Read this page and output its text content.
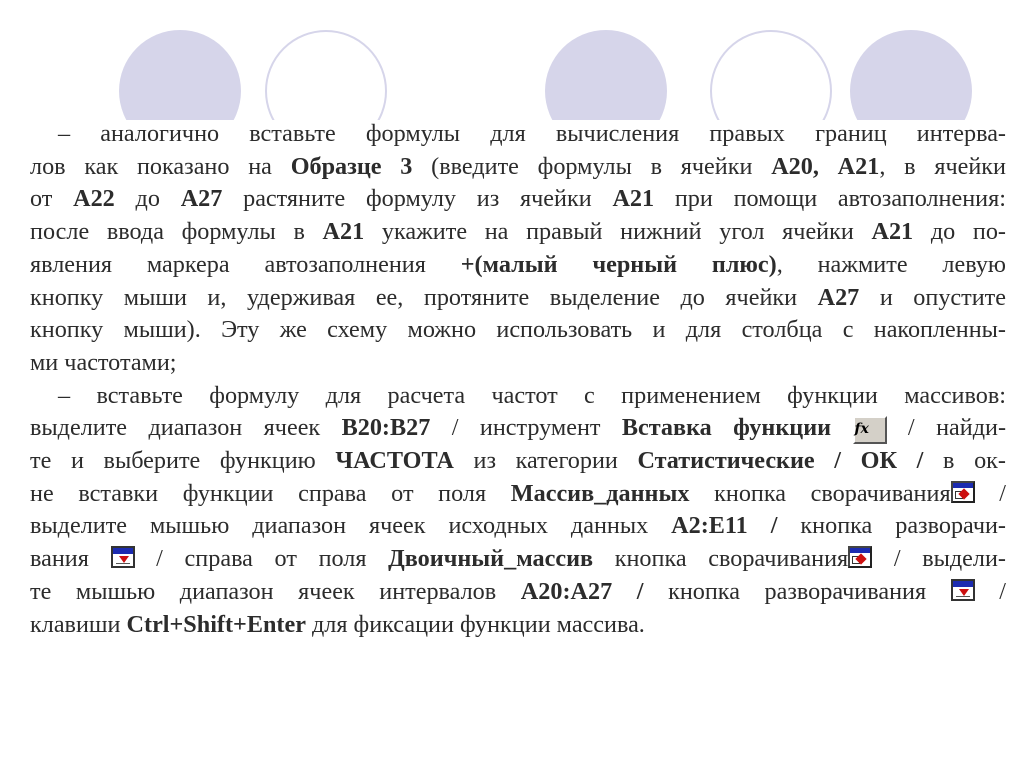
– аналогично вставьте формулы для вычисления правых границ интерва-
лов как показано на Образце 3 (введите формулы в ячейки А20, А21, в ячейки
от А22 до А27 растяните формулу из ячейки А21 при помощи автозаполнения:
после ввода формулы в А21 укажите на правый нижний угол ячейки А21 до по-
явления маркера автозаполнения +(малый черный плюс), нажмите левую
кнопку мыши и, удерживая ее, протяните выделение до ячейки А27 и опустите
кнопку мыши). Эту же схему можно использовать и для столбца с накопленны-
ми частотами;
– вставьте формулу для расчета частот с применением функции массивов:
выделите диапазон ячеек В20:В27 / инструмент Вставка функции fx / найди-
те и выберите функцию ЧАСТОТА из категории Статистические / ОК / в ок-
не вставки функции справа от поля Массив_данных кнопка сворачивания
/
выделите мышью диапазон ячеек исходных данных А2:Е11 / кнопка разворачи-
вания
/ справа от поля Двоичный_массив кнопка сворачивания
/ выдели-
те мышью диапазон ячеек интервалов А20:А27 / кнопка разворачивания
/
клавиши Ctrl+Shift+Enter для фиксации функции массива.
